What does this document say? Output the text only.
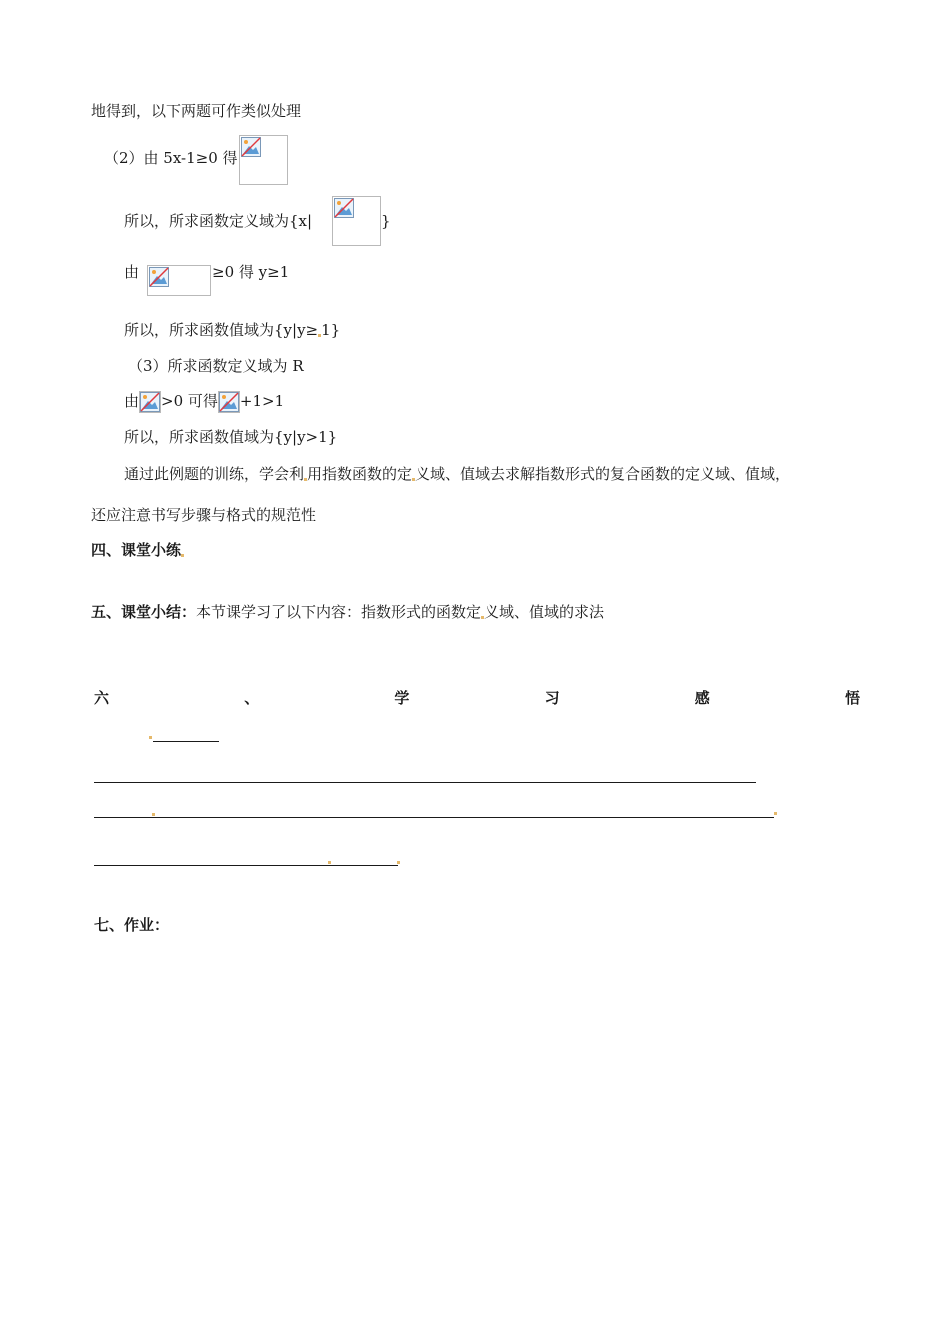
地得到，以下两题可作类似处理
（2）由 5x-1≥0 得
所以，所求函数定义域为{x|	}
由	≥0 得 y≥1
所以，所求函数值域为{y|y≥ 1}
（3）所求函数定义域为 R
由 >0 可得 +1>1
所以，所求函数值域为{y|y>1}
通过此例题的训练，学会利 用指数函数的定 义域、值域去求解指数形式的复合函数的定义域、值域，
还应注意书写步骤与格式的规范性
四、课堂小练
五、课堂小结：本节课学习了以下内容：指数形式的函数定 义域、值域的求法
六	、	学	习	感	悟
七、作业：
